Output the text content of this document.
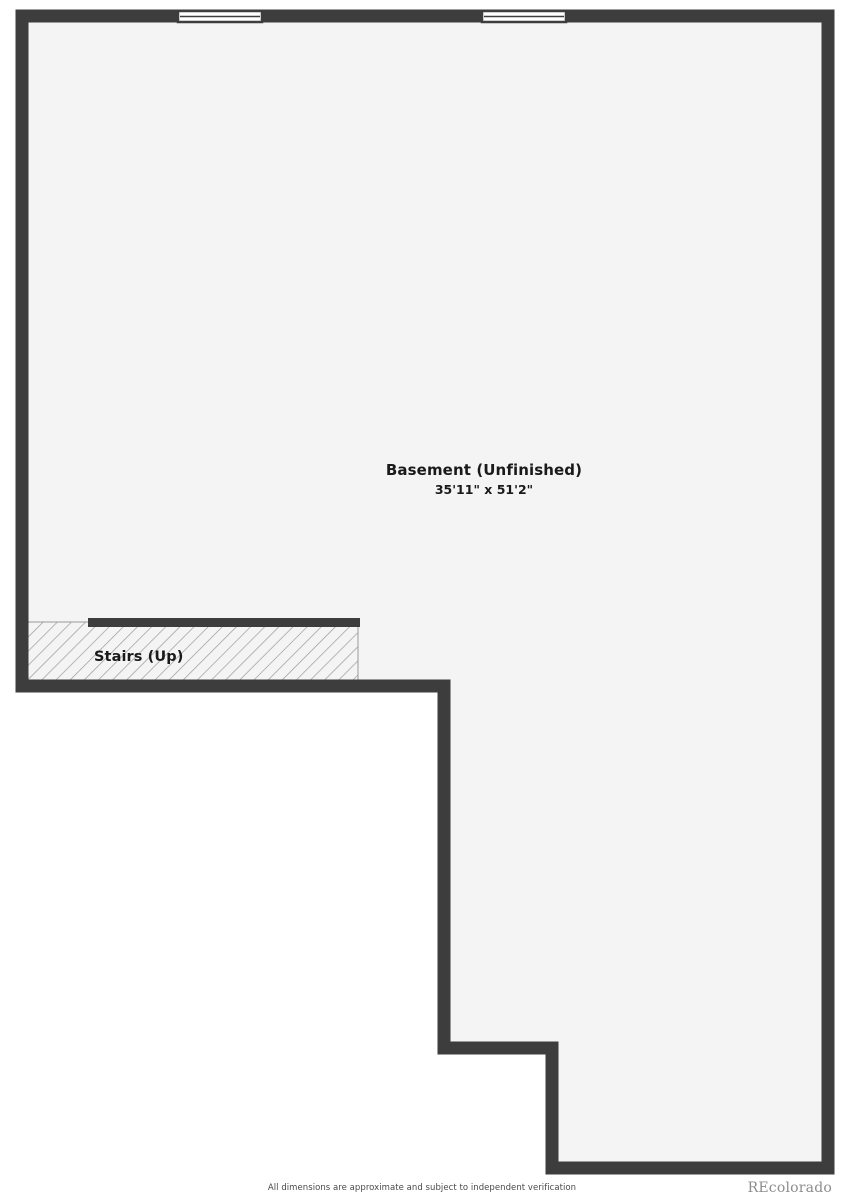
Basement (Unfinished)
35'11" x 51'2"
Stairs (Up)
All dimensions are approximate and subject to independent verification	REcolorado
